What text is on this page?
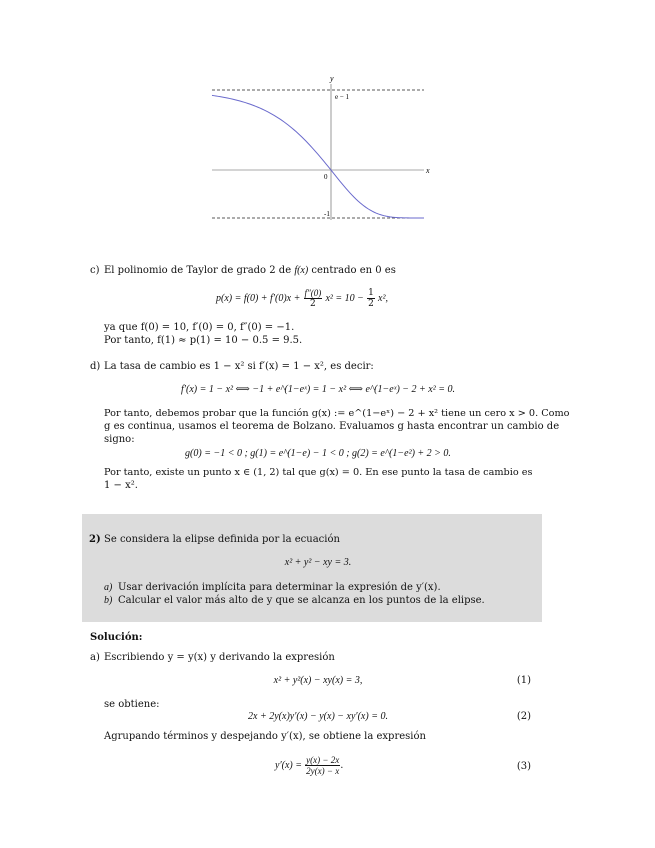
y
x
e − 1
0
-1
c) El polinomio de Taylor de grado 2 de f(x) centrado en 0 es
$p(x) = f(0) + f'(0)x + \frac{f''(0)}{2} x^2 = 10 - \frac{1}{2} x^2$,
ya que f(0) = 10, f′(0) = 0, f″(0) = −1.
Por tanto, f(1) ≈ p(1) = 10 − 0.5 = 9.5.
d) La tasa de cambio es 1 − x² si f′(x) = 1 − x², es decir:
f′(x) = 1 − x² ⟺ −1 + e^(1−eˣ) = 1 − x² ⟺ e^(1−eˣ) − 2 + x² = 0.
Por tanto, debemos probar que la función g(x) := e^(1−eˣ) − 2 + x² tiene un cero x > 0. Como
g es continua, usamos el teorema de Bolzano. Evaluamos g hasta encontrar un cambio de
signo:
g(0) = −1 < 0 ; g(1) = e^(1−e) − 1 < 0 ; g(2) = e^(1−e²) + 2 > 0.
Por tanto, existe un punto x ∈ (1, 2) tal que g(x) = 0. En ese punto la tasa de cambio es
1 − x².
2) Se considera la elipse definida por la ecuación
x² + y² − xy = 3.
a) Usar derivación implícita para determinar la expresión de y′(x).
b) Calcular el valor más alto de y que se alcanza en los puntos de la elipse.
Solución:
a) Escribiendo y = y(x) y derivando la expresión
x² + y²(x) − xy(x) = 3,	(1)
se obtiene:
2x + 2y(x)y′(x) − y(x) − xy′(x) = 0.	(2)
Agrupando términos y despejando y′(x), se obtiene la expresión
$y'(x) = \frac{y(x) - 2x}{2y(x) - x}$ .	(3)
